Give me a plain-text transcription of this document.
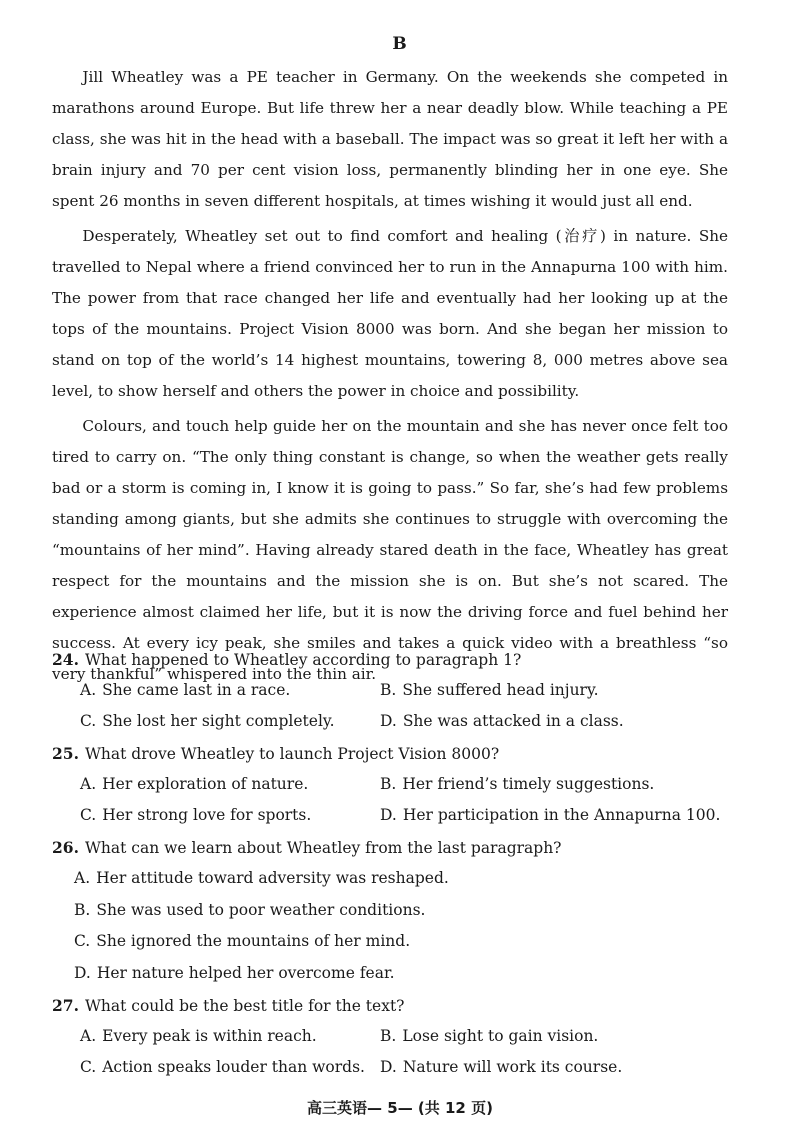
B

Jill Wheatley was a PE teacher in Germany. On the weekends she competed in marathons around Europe. But life threw her a near deadly blow. While teaching a PE class, she was hit in the head with a baseball. The impact was so great it left her with a brain injury and 70 per cent vision loss, permanently blinding her in one eye. She spent 26 months in seven different hospitals, at times wishing it would just all end.

Desperately, Wheatley set out to find comfort and healing (治疗) in nature. She travelled to Nepal where a friend convinced her to run in the Annapurna 100 with him. The power from that race changed her life and eventually had her looking up at the tops of the mountains. Project Vision 8000 was born. And she began her mission to stand on top of the world’s 14 highest mountains, towering 8, 000 metres above sea level, to show herself and others the power in choice and possibility.

Colours, and touch help guide her on the mountain and she has never once felt too tired to carry on. “The only thing constant is change, so when the weather gets really bad or a storm is coming in, I know it is going to pass.” So far, she’s had few problems standing among giants, but she admits she continues to struggle with overcoming the “mountains of her mind”. Having already stared death in the face, Wheatley has great respect for the mountains and the mission she is on. But she’s not scared. The experience almost claimed her life, but it is now the driving force and fuel behind her success. At every icy peak, she smiles and takes a quick video with a breathless “so very thankful” whispered into the thin air.

24. What happened to Wheatley according to paragraph 1?

A. She came last in a race.	B. She suffered head injury.
C. She lost her sight completely.	D. She was attacked in a class.

25. What drove Wheatley to launch Project Vision 8000?

A. Her exploration of nature.	B. Her friend’s timely suggestions.
C. Her strong love for sports.	D. Her participation in the Annapurna 100.

26. What can we learn about Wheatley from the last paragraph?

A. Her attitude toward adversity was reshaped.
B. She was used to poor weather conditions.
C. She ignored the mountains of her mind.
D. Her nature helped her overcome fear.

27. What could be the best title for the text?

A. Every peak is within reach.	B. Lose sight to gain vision.
C. Action speaks louder than words. D. Nature will work its course.
高三英语— 5— (共 12 页)
